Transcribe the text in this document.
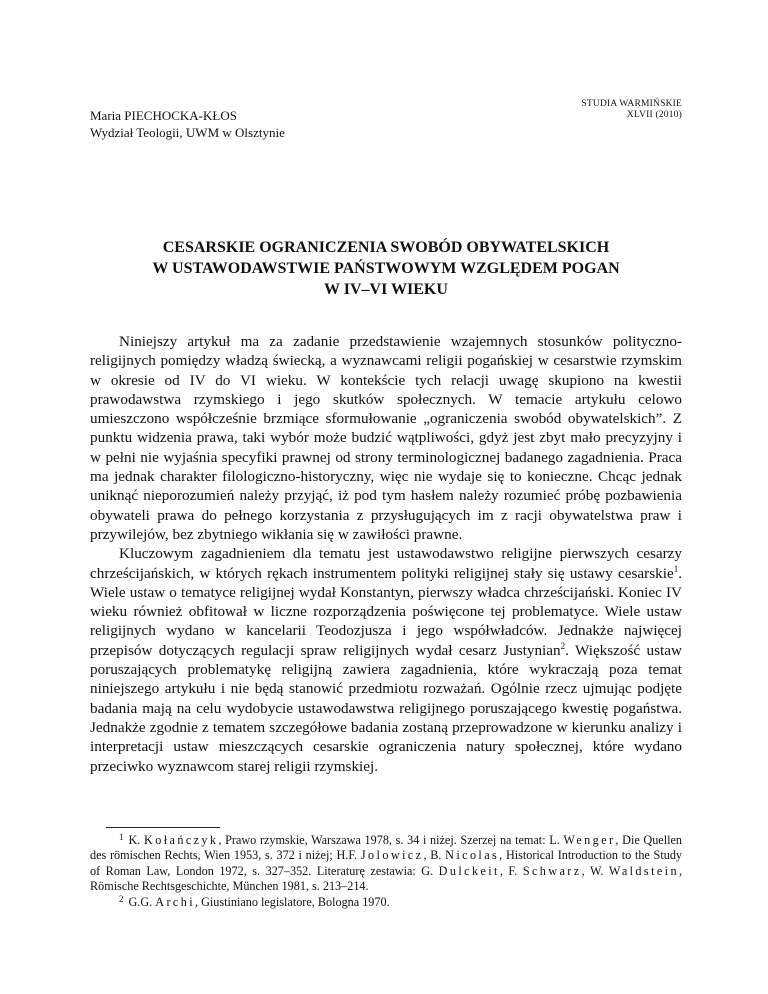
Maria PIECHOCKA-KŁOS
Wydział Teologii, UWM w Olsztynie
STUDIA WARMIŃSKIE
XLVII (2010)
CESARSKIE OGRANICZENIA SWOBÓD OBYWATELSKICH
W USTAWODAWSTWIE PAŃSTWOWYM WZGLĘDEM POGAN
W IV–VI WIEKU

Niniejszy artykuł ma za zadanie przedstawienie wzajemnych stosunków polityczno-religijnych pomiędzy władzą świecką, a wyznawcami religii pogańskiej w cesarstwie rzymskim w okresie od IV do VI wieku. W kontekście tych relacji uwagę skupiono na kwestii prawodawstwa rzymskiego i jego skutków społecznych. W temacie artykułu celowo umieszczono współcześnie brzmiące sformułowanie „ograniczenia swobód obywatelskich”. Z punktu widzenia prawa, taki wybór może budzić wątpliwości, gdyż jest zbyt mało precyzyjny i w pełni nie wyjaśnia specyfiki prawnej od strony terminologicznej badanego zagadnienia. Praca ma jednak charakter filologiczno-historyczny, więc nie wydaje się to konieczne. Chcąc jednak uniknąć nieporozumień należy przyjąć, iż pod tym hasłem należy rozumieć próbę pozbawienia obywateli prawa do pełnego korzystania z przysługujących im z racji obywatelstwa praw i przywilejów, bez zbytniego wikłania się w zawiłości prawne.

Kluczowym zagadnieniem dla tematu jest ustawodawstwo religijne pierwszych cesarzy chrześcijańskich, w których rękach instrumentem polityki religijnej stały się ustawy cesarskie$^1$. Wiele ustaw o tematyce religijnej wydał Konstantyn, pierwszy władca chrześcijański. Koniec IV wieku również obfitował w liczne rozporządzenia poświęcone tej problematyce. Wiele ustaw religijnych wydano w kancelarii Teodozjusza i jego współwładców. Jednakże najwięcej przepisów dotyczących regulacji spraw religijnych wydał cesarz Justynian$^2$. Większość ustaw poruszających problematykę religijną zawiera zagadnienia, które wykraczają poza temat niniejszego artykułu i nie będą stanowić przedmiotu rozważań. Ogólnie rzecz ujmując podjęte badania mają na celu wydobycie ustawodawstwa religijnego poruszającego kwestię pogaństwa. Jednakże zgodnie z tematem szczegółowe badania zostaną przeprowadzone w kierunku analizy i interpretacji ustaw mieszczących cesarskie ograniczenia natury społecznej, które wydano przeciwko wyznawcom starej religii rzymskiej.

$^1$ K. Kołańczyk, Prawo rzymskie, Warszawa 1978, s. 34 i niżej. Szerzej na temat: L. Wenger, Die Quellen des römischen Rechts, Wien 1953, s. 372 i niżej; H.F. Jolowicz, B. Nicolas, Historical Introduction to the Study of Roman Law, London 1972, s. 327–352. Literaturę zestawia: G. Dulckeit, F. Schwarz, W. Waldstein, Römische Rechtsgeschichte, München 1981, s. 213–214.

$^2$ G.G. Archi, Giustiniano legislatore, Bologna 1970.
